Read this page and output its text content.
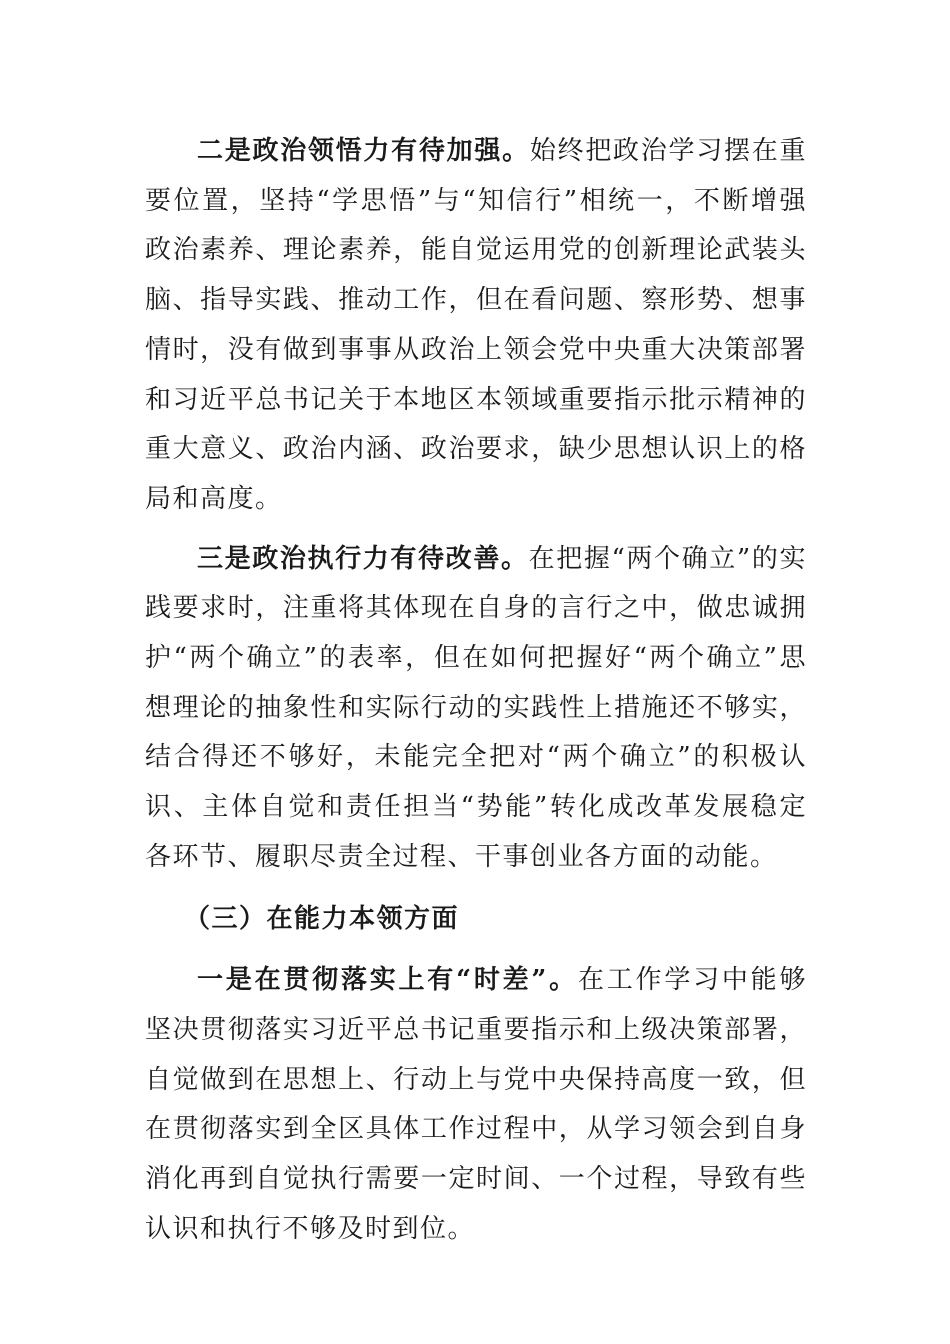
二是政治领悟力有待加强。始终把政治学习摆在重要位置，坚持“学思悟”与“知信行”相统一，不断增强政治素养、理论素养，能自觉运用党的创新理论武装头脑、指导实践、推动工作，但在看问题、察形势、想事情时，没有做到事事从政治上领会党中央重大决策部署和习近平总书记关于本地区本领域重要指示批示精神的重大意义、政治内涵、政治要求，缺少思想认识上的格局和高度。

三是政治执行力有待改善。在把握“两个确立”的实践要求时，注重将其体现在自身的言行之中，做忠诚拥护“两个确立”的表率，但在如何把握好“两个确立”思想理论的抽象性和实际行动的实践性上措施还不够实，结合得还不够好，未能完全把对“两个确立”的积极认识、主体自觉和责任担当“势能”转化成改革发展稳定各环节、履职尽责全过程、干事创业各方面的动能。

（三）在能力本领方面

一是在贯彻落实上有“时差”。在工作学习中能够坚决贯彻落实习近平总书记重要指示和上级决策部署，自觉做到在思想上、行动上与党中央保持高度一致，但在贯彻落实到全区具体工作过程中，从学习领会到自身消化再到自觉执行需要一定时间、一个过程，导致有些认识和执行不够及时到位。
